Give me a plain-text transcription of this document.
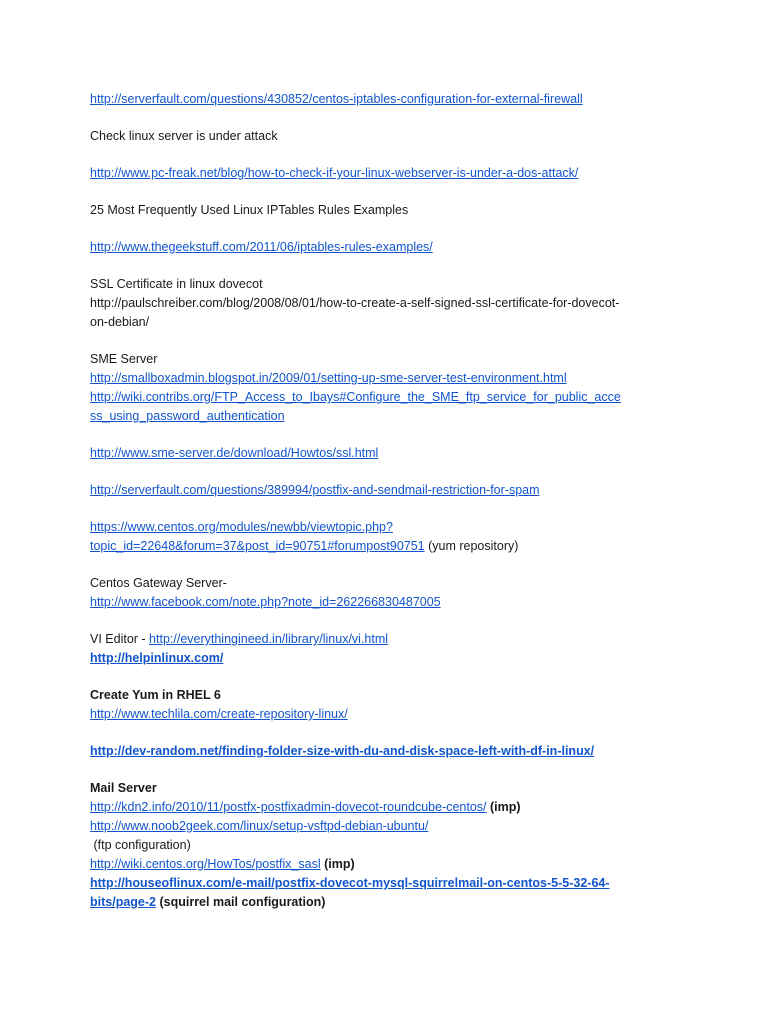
http://serverfault.com/questions/430852/centos-iptables-configuration-for-external-firewall
Check linux server is under attack
http://www.pc-freak.net/blog/how-to-check-if-your-linux-webserver-is-under-a-dos-attack/
25 Most Frequently Used Linux IPTables Rules Examples
http://www.thegeekstuff.com/2011/06/iptables-rules-examples/
SSL Certificate in linux dovecot
http://paulschreiber.com/blog/2008/08/01/how-to-create-a-self-signed-ssl-certificate-for-dovecot-
on-debian/
SME Server
http://smallboxadmin.blogspot.in/2009/01/setting-up-sme-server-test-environment.html
http://wiki.contribs.org/FTP_Access_to_Ibays#Configure_the_SME_ftp_service_for_public_acce
ss_using_password_authentication
http://www.sme-server.de/download/Howtos/ssl.html
http://serverfault.com/questions/389994/postfix-and-sendmail-restriction-for-spam
https://www.centos.org/modules/newbb/viewtopic.php?
topic_id=22648&forum=37&post_id=90751#forumpost90751 (yum repository)
Centos Gateway Server-
http://www.facebook.com/note.php?note_id=262266830487005
VI Editor - http://everythingineed.in/library/linux/vi.html
http://helpinlinux.com/
Create Yum in RHEL 6
http://www.techlila.com/create-repository-linux/
http://dev-random.net/finding-folder-size-with-du-and-disk-space-left-with-df-in-linux/
Mail Server
http://kdn2.info/2010/11/postfx-postfixadmin-dovecot-roundcube-centos/ (imp)
http://www.noob2geek.com/linux/setup-vsftpd-debian-ubuntu/
(ftp configuration)
http://wiki.centos.org/HowTos/postfix_sasl (imp)
http://houseoflinux.com/e-mail/postfix-dovecot-mysql-squirrelmail-on-centos-5-5-32-64-
bits/page-2 (squirrel mail configuration)
